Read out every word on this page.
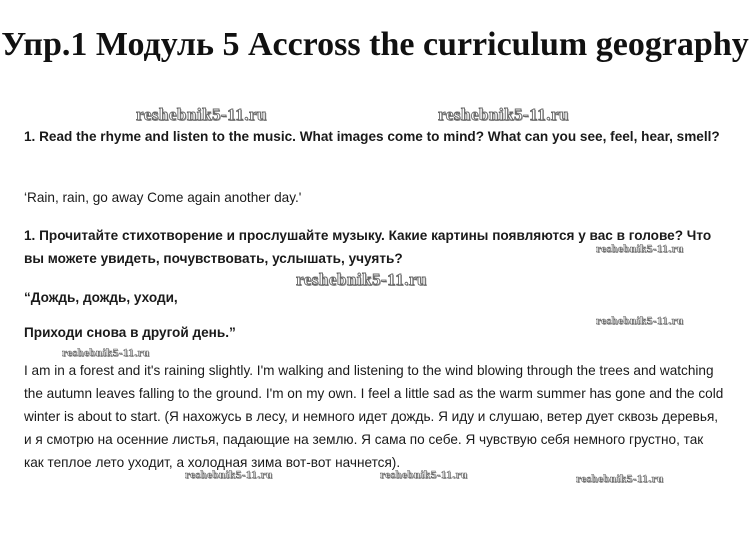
Упр.1 Модуль 5 Accross the curriculum geography
reshebnik5-11.ru	reshebnik5-11.ru
1. Read the rhyme and listen to the music. What images come to mind? What can you see, feel, hear, smell?
‘Rain, rain, go away Come again another day.'
1. Прочитайте стихотворение и прослушайте музыку. Какие картины появляются у вас в голове? Что вы можете увидеть, почувствовать, услышать, учуять?
reshebnik5-11.ru
reshebnik5-11.ru
“Дождь, дождь, уходи,
reshebnik5-11.ru
Приходи снова в другой день.”
reshebnik5-11.ru
I am in a forest and it's raining slightly. I'm walking and listening to the wind blowing through the trees and watching the autumn leaves falling to the ground. I'm on my own. I feel a little sad as the warm summer has gone and the cold winter is about to start. (Я нахожусь в лесу, и немного идет дождь. Я иду и слушаю, ветер дует сквозь деревья, и я смотрю на осенние листья, падающие на землю. Я сама по себе. Я чувствую себя немного грустно, так как теплое лето уходит, а холодная зима вот-вот начнется).
reshebnik5-11.ru	reshebnik5-11.ru	reshebnik5-11.ru
